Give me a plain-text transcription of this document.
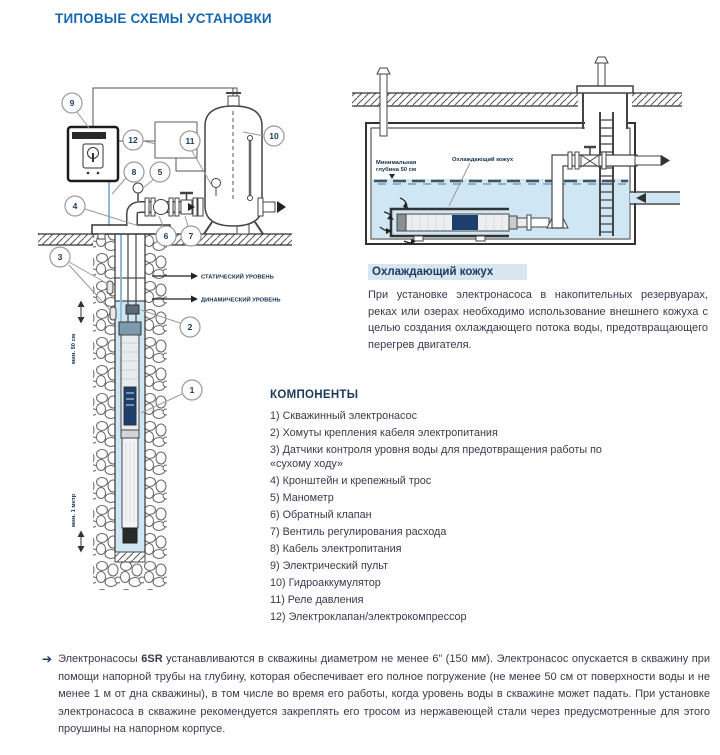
ТИПОВЫЕ СХЕМЫ УСТАНОВКИ
мин. 50 см
мин. 1 метр
СТАТИЧЕСКИЙ УРОВЕНЬ
ДИНАМИЧЕСКИЙ УРОВЕНЬ
9
12	11	10
8	5
4
6 7
3
2
1
Минимальная
глубина 50 см
Охлаждающий кожух
Охлаждающий кожух
При установке электронасоса в накопительных резервуарах, реках или озерах необходимо использование внешнего кожуха с целью создания охлаждающего потока воды, предотвращающего перегрев двигателя.
КОМПОНЕНТЫ
1) Скважинный электронасос
2) Хомуты крепления кабеля электропитания
3) Датчики контроля уровня воды для предотвращения работы по «сухому ходу»
4) Кронштейн и крепежный трос
5) Манометр
6) Обратный клапан
7) Вентиль регулирования расхода
8) Кабель электропитания
9) Электрический пульт
10) Гидроаккумулятор
11) Реле давления
12) Электроклапан/электрокомпрессор
➔ Электронасосы 6SR устанавливаются в скважины диаметром не менее 6” (150 мм). Электронасос опускается в скважину при помощи напорной трубы на глубину, которая обеспечивает его полное погружение (не менее 50 см от поверхности воды и не менее 1 м от дна скважины), в том числе во время его работы, когда уровень воды в скважине может падать. При установке электронасоса в скважине рекомендуется закреплять его тросом из нержавеющей стали через предусмотренные для этого проушины на напорном корпусе.
